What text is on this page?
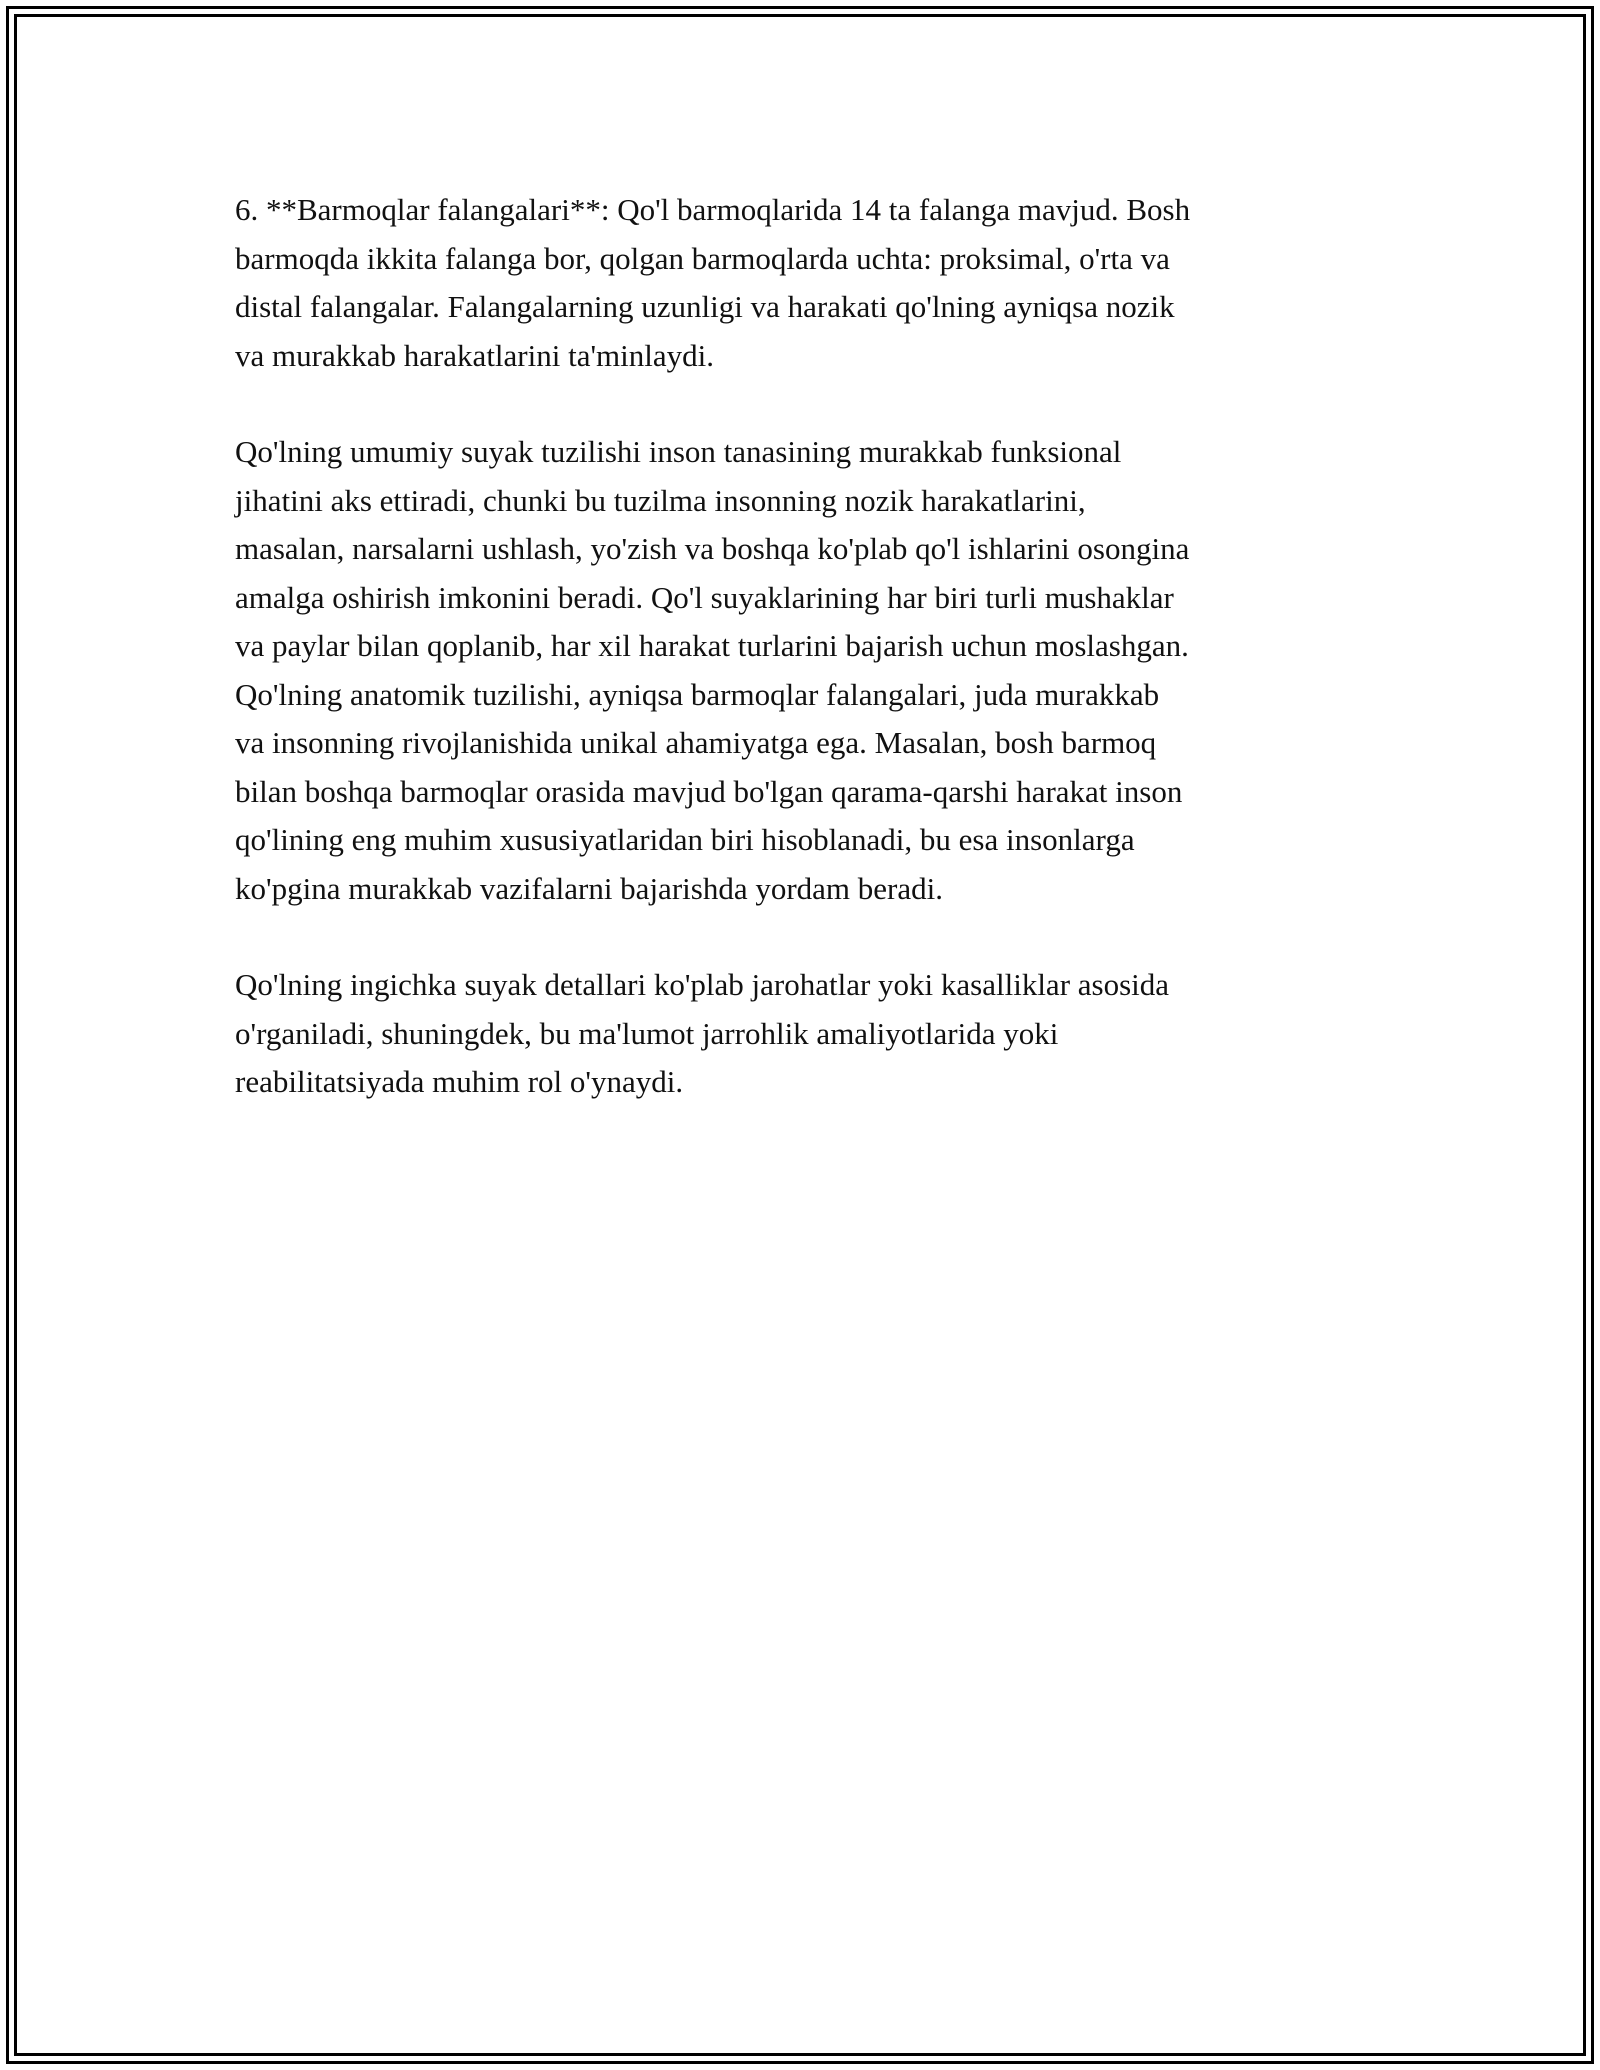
6. **Barmoqlar falangalari**: Qo'l barmoqlarida 14 ta falanga mavjud. Bosh
barmoqda ikkita falanga bor, qolgan barmoqlarda uchta: proksimal, o'rta va
distal falangalar. Falangalarning uzunligi va harakati qo'lning ayniqsa nozik
va murakkab harakatlarini ta'minlaydi.

Qo'lning umumiy suyak tuzilishi inson tanasining murakkab funksional
jihatini aks ettiradi, chunki bu tuzilma insonning nozik harakatlarini,
masalan, narsalarni ushlash, yo'zish va boshqa ko'plab qo'l ishlarini osongina
amalga oshirish imkonini beradi. Qo'l suyaklarining har biri turli mushaklar
va paylar bilan qoplanib, har xil harakat turlarini bajarish uchun moslashgan.
Qo'lning anatomik tuzilishi, ayniqsa barmoqlar falangalari, juda murakkab
va insonning rivojlanishida unikal ahamiyatga ega. Masalan, bosh barmoq
bilan boshqa barmoqlar orasida mavjud bo'lgan qarama-qarshi harakat inson
qo'lining eng muhim xususiyatlaridan biri hisoblanadi, bu esa insonlarga
ko'pgina murakkab vazifalarni bajarishda yordam beradi.

Qo'lning ingichka suyak detallari ko'plab jarohatlar yoki kasalliklar asosida
o'rganiladi, shuningdek, bu ma'lumot jarrohlik amaliyotlarida yoki
reabilitatsiyada muhim rol o'ynaydi.
